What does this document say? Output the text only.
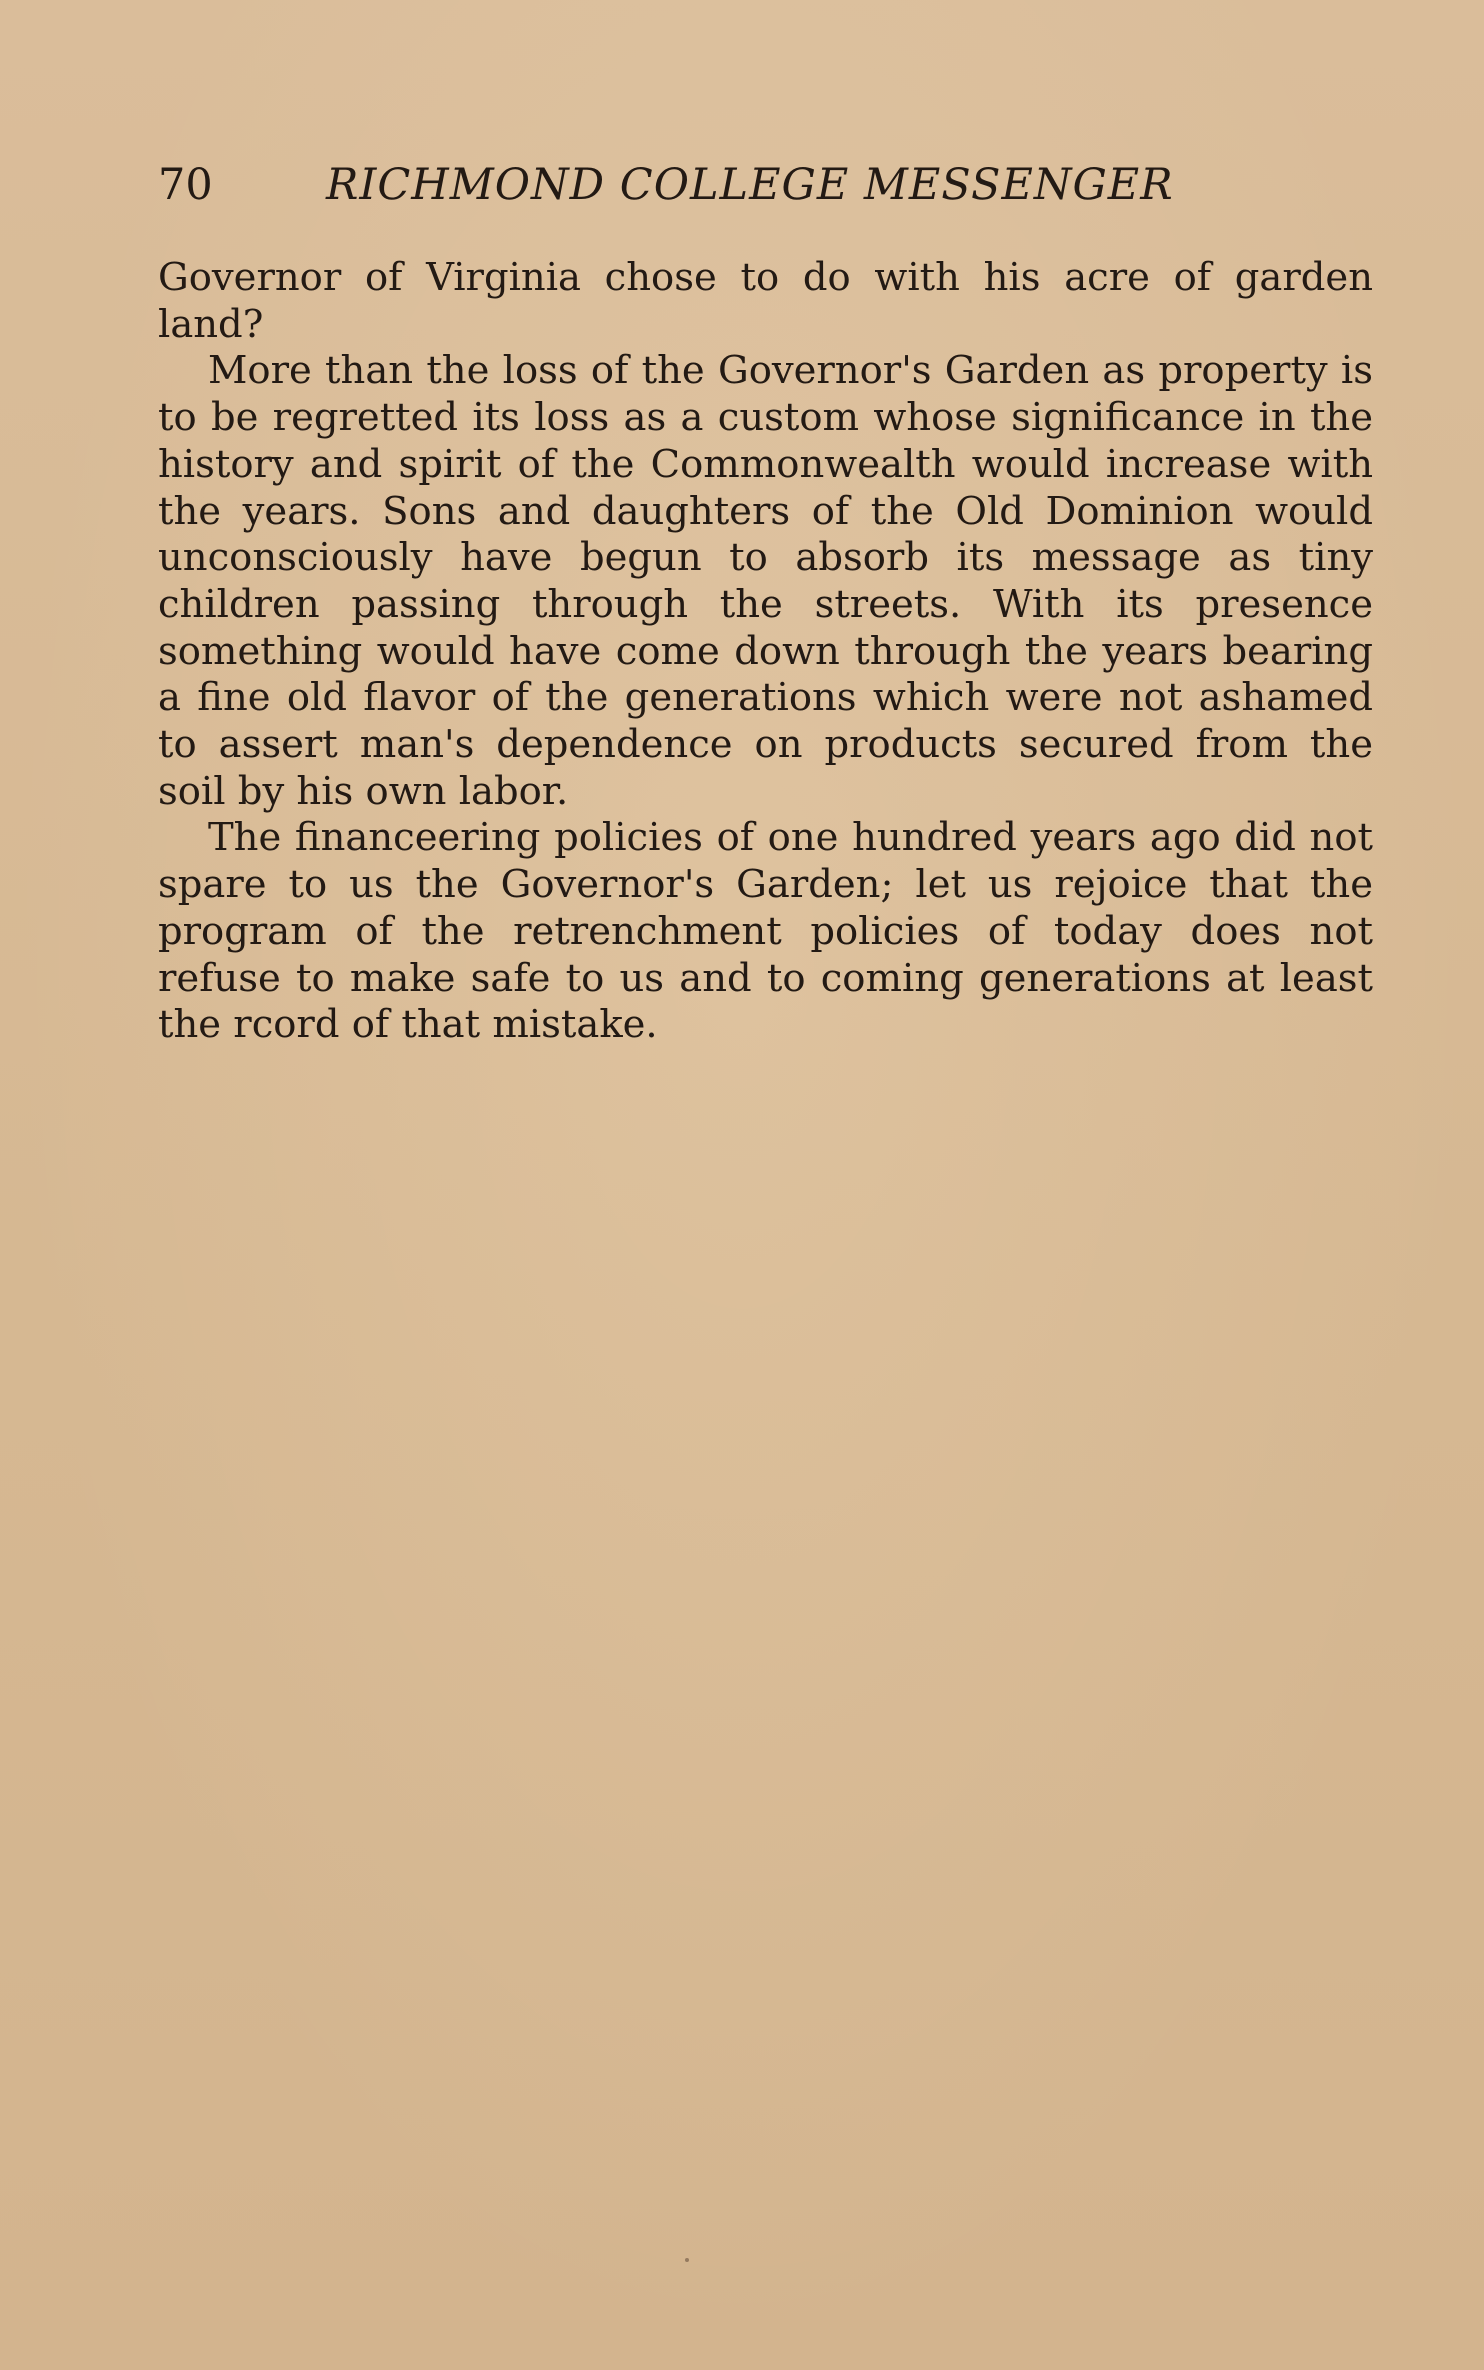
70	RICHMOND COLLEGE MESSENGER

Governor of Virginia chose to do with his acre of garden land?

More than the loss of the Governor's Garden as property is to be regretted its loss as a custom whose significance in the history and spirit of the Commonwealth would increase with the years. Sons and daughters of the Old Dominion would unconsciously have begun to absorb its message as tiny children passing through the streets. With its presence something would have come down through the years bearing a fine old flavor of the generations which were not ashamed to assert man's dependence on products secured from the soil by his own labor.

The financeering policies of one hundred years ago did not spare to us the Governor's Garden; let us rejoice that the program of the retrenchment policies of today does not refuse to make safe to us and to coming generations at least the rcord of that mistake.
